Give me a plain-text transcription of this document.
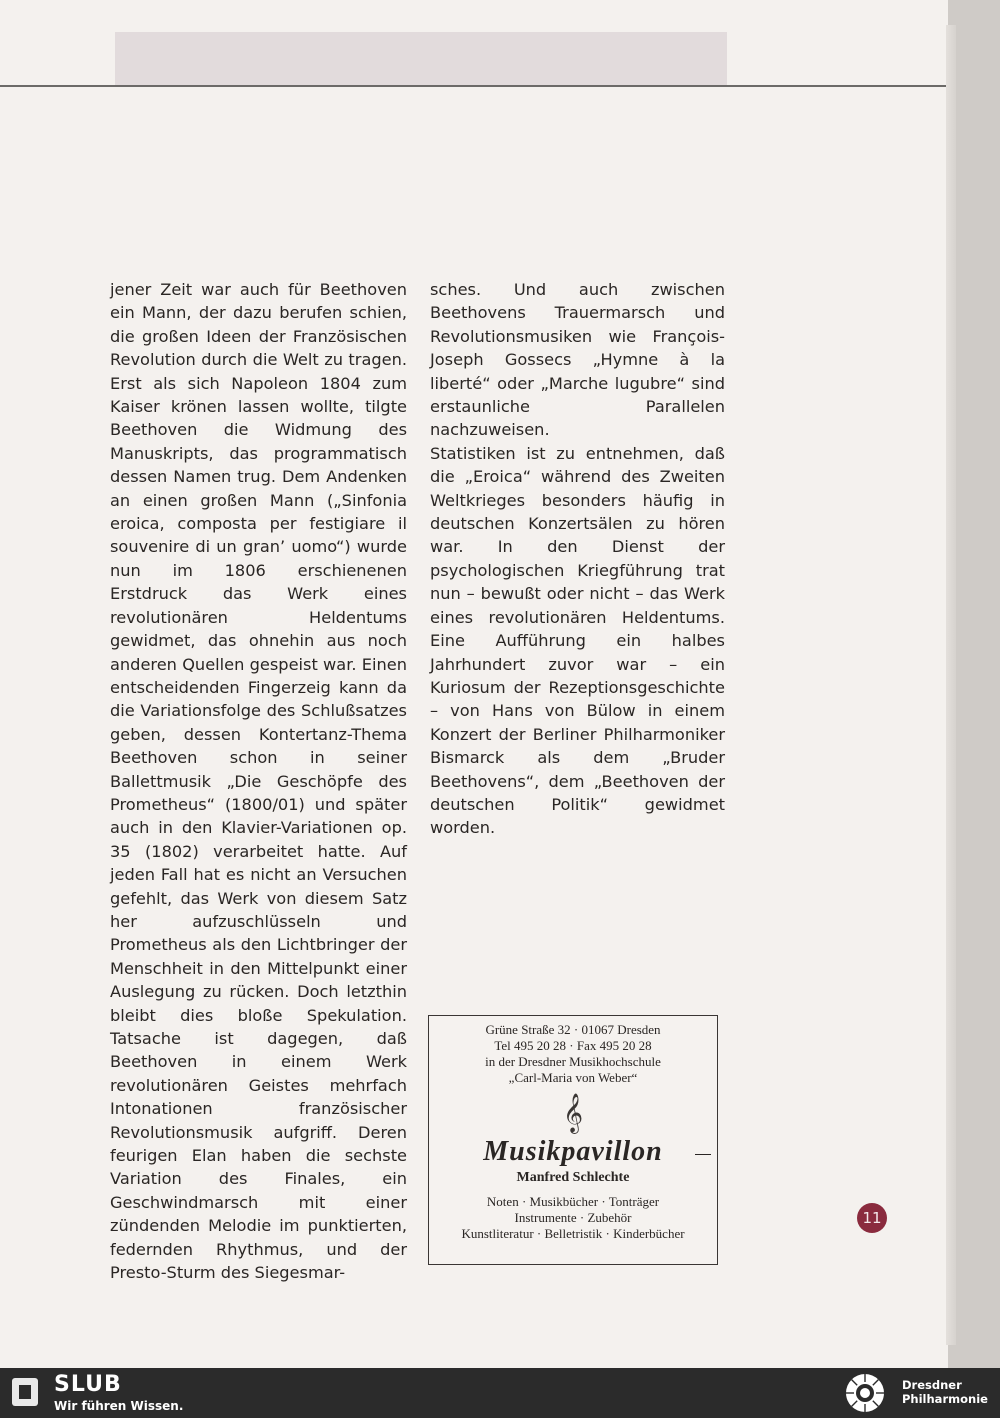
jener Zeit war auch für Beethoven ein Mann, der dazu berufen schien, die großen Ideen der Französischen Revolution durch die Welt zu tragen. Erst als sich Napoleon 1804 zum Kaiser krönen lassen wollte, tilgte Beethoven die Widmung des Manuskripts, das programmatisch dessen Namen trug. Dem Andenken an einen großen Mann („Sinfonia eroica, composta per festigiare il souvenire di un gran’ uomo“) wurde nun im 1806 erschienenen Erstdruck das Werk eines revolutionären Heldentums gewidmet, das ohnehin aus noch anderen Quellen gespeist war. Einen entscheidenden Fingerzeig kann da die Variationsfolge des Schlußsatzes geben, dessen Kontertanz-Thema Beethoven schon in seiner Ballettmusik „Die Geschöpfe des Prometheus“ (1800/01) und später auch in den Klavier-Variationen op. 35 (1802) verarbeitet hatte. Auf jeden Fall hat es nicht an Versuchen gefehlt, das Werk von diesem Satz her aufzuschlüsseln und Prometheus als den Lichtbringer der Menschheit in den Mittelpunkt einer Auslegung zu rücken. Doch letzthin bleibt dies bloße Spekulation. Tatsache ist dagegen, daß Beethoven in einem Werk revolutionären Geistes mehrfach Intonationen französischer Revolutionsmusik aufgriff. Deren feurigen Elan haben die sechste Variation des Finales, ein Geschwindmarsch mit einer zündenden Melodie im punktierten, federnden Rhythmus, und der Presto-Sturm des Siegesmar-

sches. Und auch zwischen Beethovens Trauermarsch und Revolutionsmusiken wie François-Joseph Gossecs „Hymne à la liberté“ oder „Marche lugubre“ sind erstaunliche Parallelen nachzuweisen.

Statistiken ist zu entnehmen, daß die „Eroica“ während des Zweiten Weltkrieges besonders häufig in deutschen Konzertsälen zu hören war. In den Dienst der psychologischen Kriegführung trat nun – bewußt oder nicht – das Werk eines revolutionären Heldentums. Eine Aufführung ein halbes Jahrhundert zuvor war – ein Kuriosum der Rezeptionsgeschichte – von Hans von Bülow in einem Konzert der Berliner Philharmoniker Bismarck als dem „Bruder Beethovens“, dem „Beethoven der deutschen Politik“ gewidmet worden.

Grüne Straße 32 · 01067 Dresden
Tel 495 20 28 · Fax 495 20 28
in der Dresdner Musikhochschule
„Carl-Maria von Weber“
𝄞
Musikpavillon
Manfred Schlechte
Noten · Musikbücher · Tonträger
Instrumente · Zubehör
Kunstliteratur · Belletristik · Kinderbücher
11
SLUB
Wir führen Wissen.
Dresdner
Philharmonie
